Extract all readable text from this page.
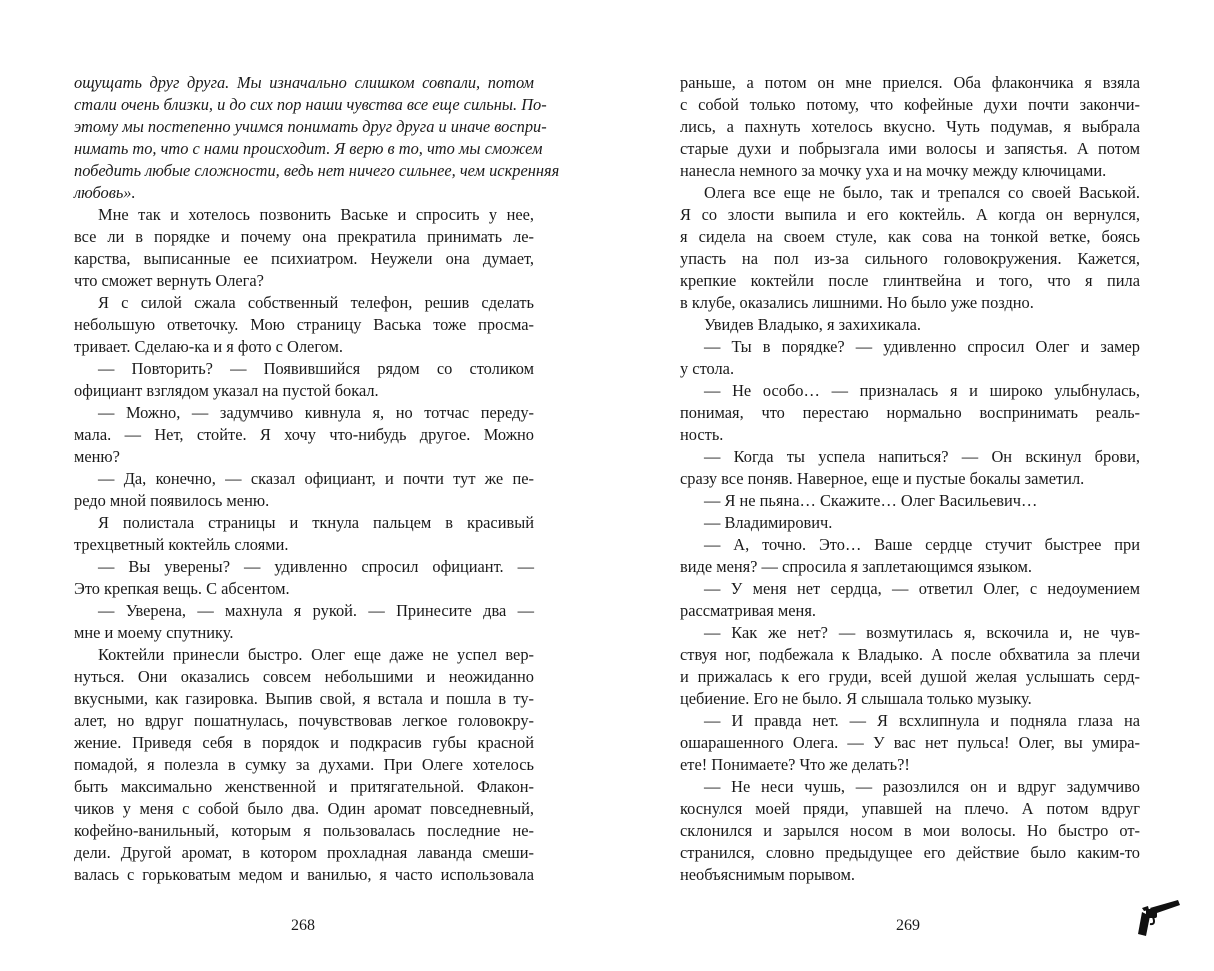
ощущать друг друга. Мы изначально слишком совпали, потом
стали очень близки, и до сих пор наши чувства все еще сильны. По-
этому мы постепенно учимся понимать друг друга и иначе воспри-
нимать то, что с нами происходит. Я верю в то, что мы сможем
победить любые сложности, ведь нет ничего сильнее, чем искренняя
любовь».
Мне так и хотелось позвонить Ваське и спросить у нее,
все ли в порядке и почему она прекратила принимать ле-
карства, выписанные ее психиатром. Неужели она думает,
что сможет вернуть Олега?
Я с силой сжала собственный телефон, решив сделать
небольшую ответочку. Мою страницу Васька тоже просма-
тривает. Сделаю-ка и я фото с Олегом.
— Повторить? — Появившийся рядом со столиком
официант взглядом указал на пустой бокал.
— Можно, — задумчиво кивнула я, но тотчас переду-
мала. — Нет, стойте. Я хочу что-нибудь другое. Можно
меню?
— Да, конечно, — сказал официант, и почти тут же пе-
редо мной появилось меню.
Я полистала страницы и ткнула пальцем в красивый
трехцветный коктейль слоями.
— Вы уверены? — удивленно спросил официант. —
Это крепкая вещь. С абсентом.
— Уверена, — махнула я рукой. — Принесите два —
мне и моему спутнику.
Коктейли принесли быстро. Олег еще даже не успел вер-
нуться. Они оказались совсем небольшими и неожиданно
вкусными, как газировка. Выпив свой, я встала и пошла в ту-
алет, но вдруг пошатнулась, почувствовав легкое головокру-
жение. Приведя себя в порядок и подкрасив губы красной
помадой, я полезла в сумку за духами. При Олеге хотелось
быть максимально женственной и притягательной. Флакон-
чиков у меня с собой было два. Один аромат повседневный,
кофейно-ванильный, которым я пользовалась последние не-
дели. Другой аромат, в котором прохладная лаванда смеши-
валась с горьковатым медом и ванилью, я часто использовала
раньше, а потом он мне приелся. Оба флакончика я взяла
с собой только потому, что кофейные духи почти закончи-
лись, а пахнуть хотелось вкусно. Чуть подумав, я выбрала
старые духи и побрызгала ими волосы и запястья. А потом
нанесла немного за мочку уха и на мочку между ключицами.
Олега все еще не было, так и трепался со своей Васькой.
Я со злости выпила и его коктейль. А когда он вернулся,
я сидела на своем стуле, как сова на тонкой ветке, боясь
упасть на пол из-за сильного головокружения. Кажется,
крепкие коктейли после глинтвейна и того, что я пила
в клубе, оказались лишними. Но было уже поздно.
Увидев Владыко, я захихикала.
— Ты в порядке? — удивленно спросил Олег и замер
у стола.
— Не особо… — призналась я и широко улыбнулась,
понимая, что перестаю нормально воспринимать реаль-
ность.
— Когда ты успела напиться? — Он вскинул брови,
сразу все поняв. Наверное, еще и пустые бокалы заметил.
— Я не пьяна… Скажите… Олег Васильевич…
— Владимирович.
— А, точно. Это… Ваше сердце стучит быстрее при
виде меня? — спросила я заплетающимся языком.
— У меня нет сердца, — ответил Олег, с недоумением
рассматривая меня.
— Как же нет? — возмутилась я, вскочила и, не чув-
ствуя ног, подбежала к Владыко. А после обхватила за плечи
и прижалась к его груди, всей душой желая услышать серд-
цебиение. Его не было. Я слышала только музыку.
— И правда нет. — Я всхлипнула и подняла глаза на
ошарашенного Олега. — У вас нет пульса! Олег, вы умира-
ете! Понимаете? Что же делать?!
— Не неси чушь, — разозлился он и вдруг задумчиво
коснулся моей пряди, упавшей на плечо. А потом вдруг
склонился и зарылся носом в мои волосы. Но быстро от-
странился, словно предыдущее его действие было каким-то
необъяснимым порывом.
268	269
